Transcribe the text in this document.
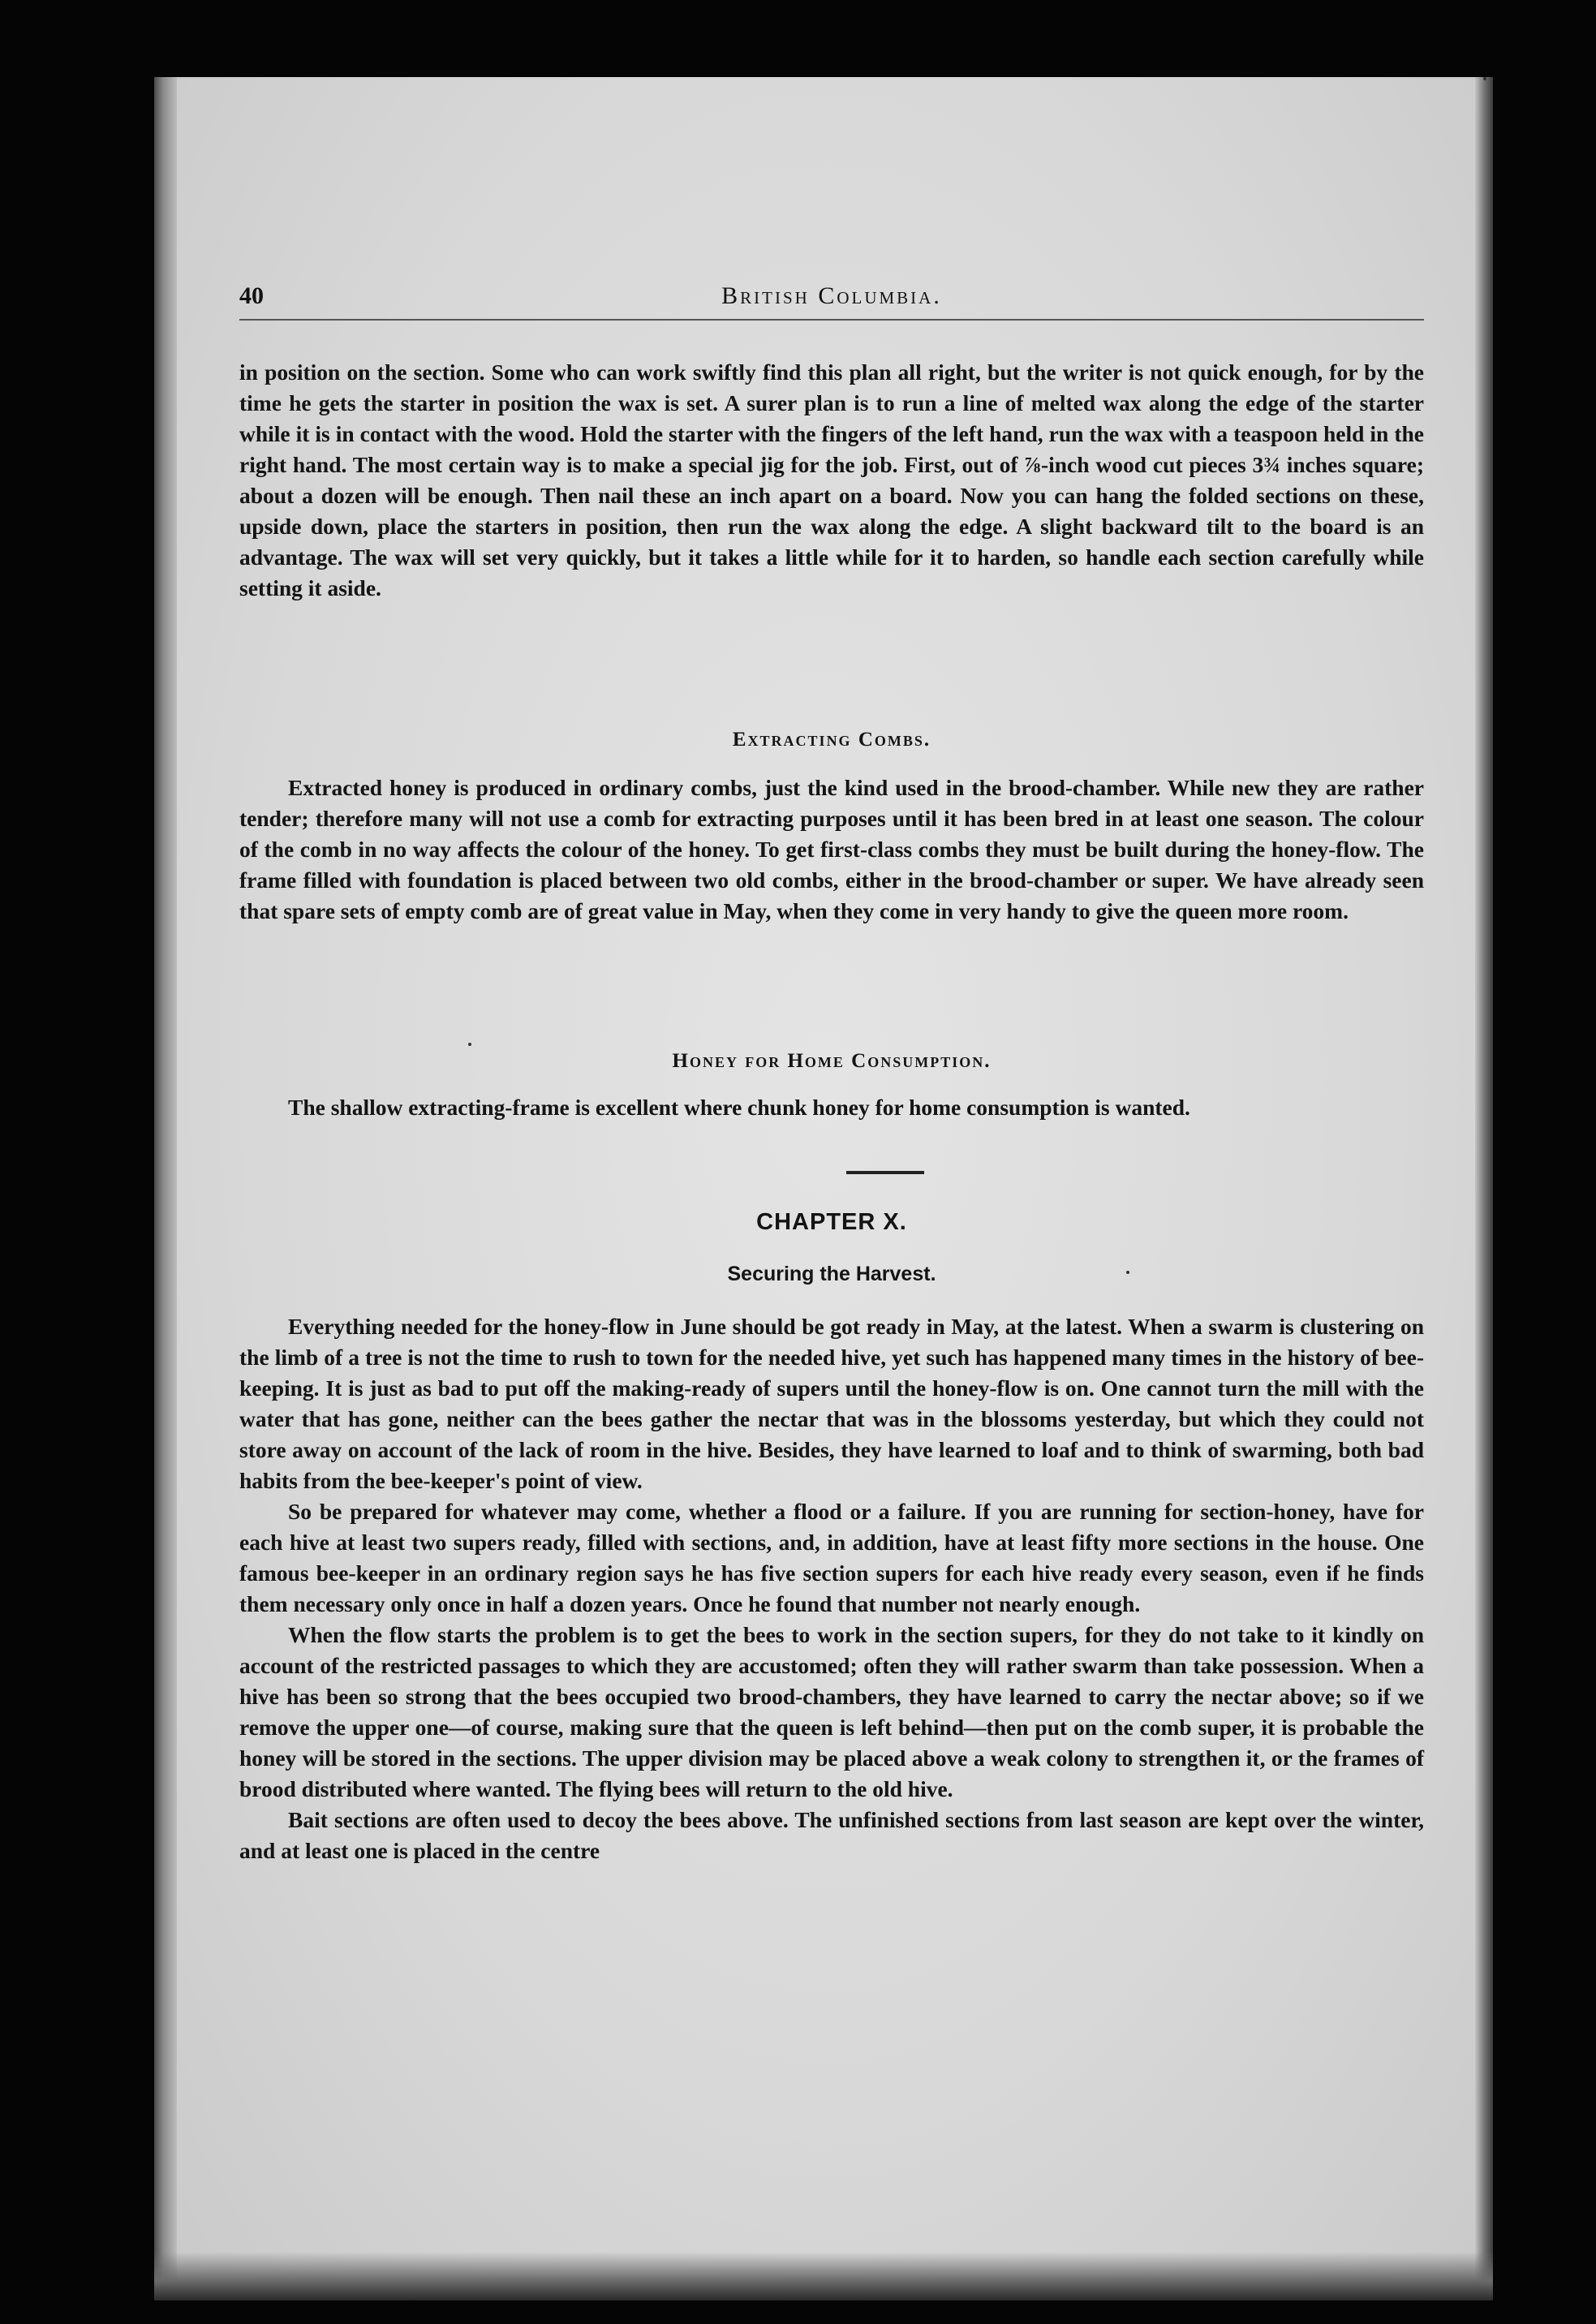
40	British Columbia.

in position on the section. Some who can work swiftly find this plan all right, but the writer is not quick enough, for by the time he gets the starter in position the wax is set. A surer plan is to run a line of melted wax along the edge of the starter while it is in contact with the wood. Hold the starter with the fingers of the left hand, run the wax with a teaspoon held in the right hand. The most certain way is to make a special jig for the job. First, out of ⅞-inch wood cut pieces 3¾ inches square; about a dozen will be enough. Then nail these an inch apart on a board. Now you can hang the folded sections on these, upside down, place the starters in position, then run the wax along the edge. A slight backward tilt to the board is an advantage. The wax will set very quickly, but it takes a little while for it to harden, so handle each section carefully while setting it aside.

Extracting Combs.

Extracted honey is produced in ordinary combs, just the kind used in the brood-chamber. While new they are rather tender; therefore many will not use a comb for extracting purposes until it has been bred in at least one season. The colour of the comb in no way affects the colour of the honey. To get first-class combs they must be built during the honey-flow. The frame filled with foundation is placed between two old combs, either in the brood-chamber or super. We have already seen that spare sets of empty comb are of great value in May, when they come in very handy to give the queen more room.

Honey for Home Consumption.

The shallow extracting-frame is excellent where chunk honey for home consumption is wanted.

CHAPTER X.
Securing the Harvest.

Everything needed for the honey-flow in June should be got ready in May, at the latest. When a swarm is clustering on the limb of a tree is not the time to rush to town for the needed hive, yet such has happened many times in the history of bee-keeping. It is just as bad to put off the making-ready of supers until the honey-flow is on. One cannot turn the mill with the water that has gone, neither can the bees gather the nectar that was in the blossoms yesterday, but which they could not store away on account of the lack of room in the hive. Besides, they have learned to loaf and to think of swarming, both bad habits from the bee-keeper's point of view.

So be prepared for whatever may come, whether a flood or a failure. If you are running for section-honey, have for each hive at least two supers ready, filled with sections, and, in addition, have at least fifty more sections in the house. One famous bee-keeper in an ordinary region says he has five section supers for each hive ready every season, even if he finds them necessary only once in half a dozen years. Once he found that number not nearly enough.

When the flow starts the problem is to get the bees to work in the section supers, for they do not take to it kindly on account of the restricted passages to which they are accustomed; often they will rather swarm than take possession. When a hive has been so strong that the bees occupied two brood-chambers, they have learned to carry the nectar above; so if we remove the upper one—of course, making sure that the queen is left behind—then put on the comb super, it is probable the honey will be stored in the sections. The upper division may be placed above a weak colony to strengthen it, or the frames of brood distributed where wanted. The flying bees will return to the old hive.

Bait sections are often used to decoy the bees above. The unfinished sections from last season are kept over the winter, and at least one is placed in the centre
